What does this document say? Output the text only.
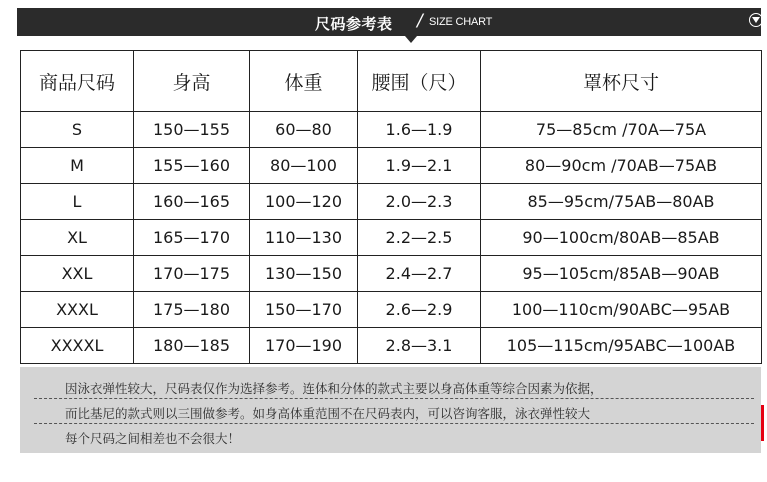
尺码参考表 / SIZE CHART
商品尺码	身高	体重	腰围（尺）	罩杯尺寸
S	150—155	60—80	1.6—1.9	75—85cm /70A—75A
M	155—160	80—100	1.9—2.1	80—90cm /70AB—75AB
L	160—165	100—120	2.0—2.3	85—95cm/75AB—80AB
XL	165—170	110—130	2.2—2.5	90—100cm/80AB—85AB
XXL	170—175	130—150	2.4—2.7	95—105cm/85AB—90AB
XXXL	175—180	150—170	2.6—2.9	100—110cm/90ABC—95AB
XXXXL	180—185	170—190	2.8—3.1	105—115cm/95ABC—100AB
因泳衣弹性较大，尺码表仅作为选择参考。连体和分体的款式主要以身高体重等综合因素为依据，
而比基尼的款式则以三围做参考。如身高体重范围不在尺码表内，可以咨询客服，泳衣弹性较大
每个尺码之间相差也不会很大！
